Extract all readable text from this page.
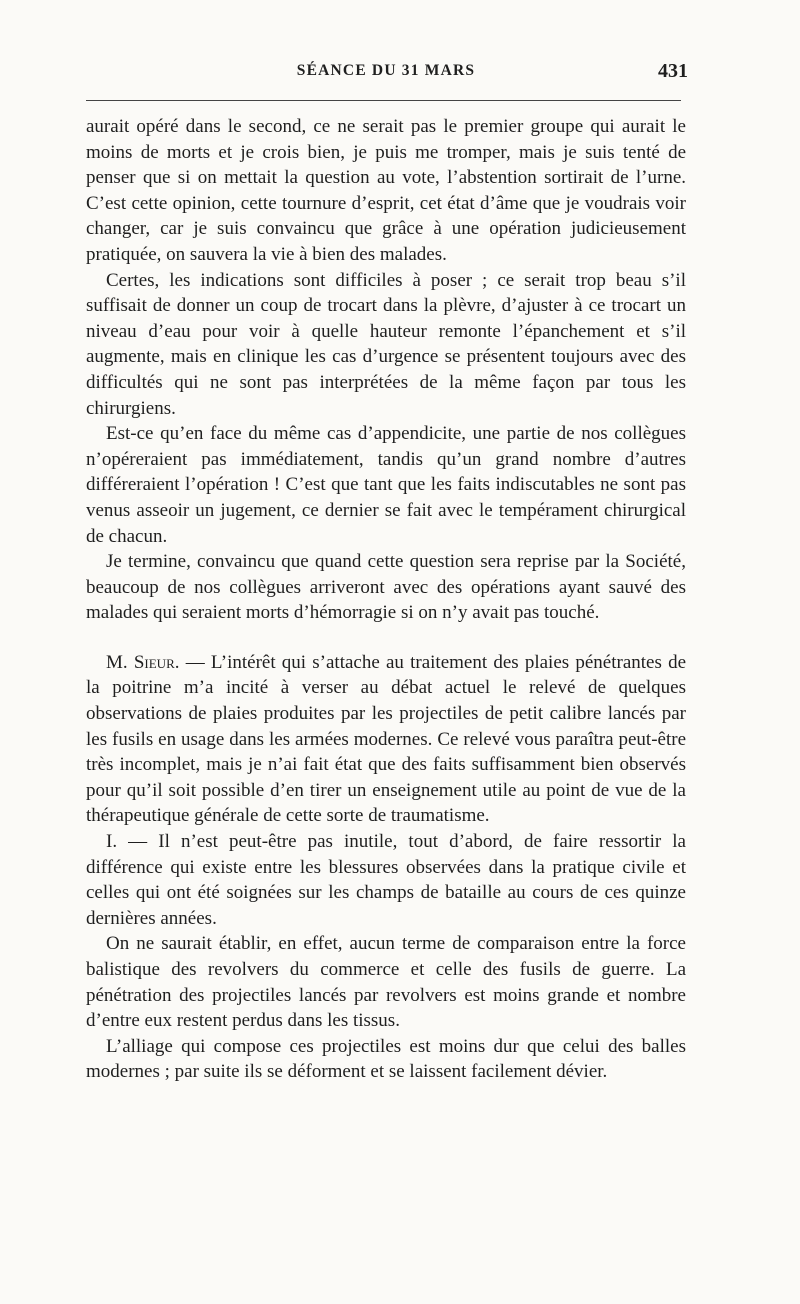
SÉANCE DU 31 MARS	431

aurait opéré dans le second, ce ne serait pas le premier groupe qui aurait le moins de morts et je crois bien, je puis me tromper, mais je suis tenté de penser que si on mettait la question au vote, l’abstention sortirait de l’urne. C’est cette opinion, cette tournure d’esprit, cet état d’âme que je voudrais voir changer, car je suis convaincu que grâce à une opération judicieusement pratiquée, on sauvera la vie à bien des malades.

Certes, les indications sont difficiles à poser ; ce serait trop beau s’il suffisait de donner un coup de trocart dans la plèvre, d’ajuster à ce trocart un niveau d’eau pour voir à quelle hauteur remonte l’épanchement et s’il augmente, mais en clinique les cas d’urgence se présentent toujours avec des difficultés qui ne sont pas interprétées de la même façon par tous les chirurgiens.

Est-ce qu’en face du même cas d’appendicite, une partie de nos collègues n’opéreraient pas immédiatement, tandis qu’un grand nombre d’autres différeraient l’opération ! C’est que tant que les faits indiscutables ne sont pas venus asseoir un jugement, ce dernier se fait avec le tempérament chirurgical de chacun.

Je termine, convaincu que quand cette question sera reprise par la Société, beaucoup de nos collègues arriveront avec des opérations ayant sauvé des malades qui seraient morts d’hémorragie si on n’y avait pas touché.

M. Sieur. — L’intérêt qui s’attache au traitement des plaies pénétrantes de la poitrine m’a incité à verser au débat actuel le relevé de quelques observations de plaies produites par les projectiles de petit calibre lancés par les fusils en usage dans les armées modernes. Ce relevé vous paraîtra peut-être très incomplet, mais je n’ai fait état que des faits suffisamment bien observés pour qu’il soit possible d’en tirer un enseignement utile au point de vue de la thérapeutique générale de cette sorte de traumatisme.

I. — Il n’est peut-être pas inutile, tout d’abord, de faire ressortir la différence qui existe entre les blessures observées dans la pratique civile et celles qui ont été soignées sur les champs de bataille au cours de ces quinze dernières années.

On ne saurait établir, en effet, aucun terme de comparaison entre la force balistique des revolvers du commerce et celle des fusils de guerre. La pénétration des projectiles lancés par revolvers est moins grande et nombre d’entre eux restent perdus dans les tissus.

L’alliage qui compose ces projectiles est moins dur que celui des balles modernes ; par suite ils se déforment et se laissent facilement dévier.
